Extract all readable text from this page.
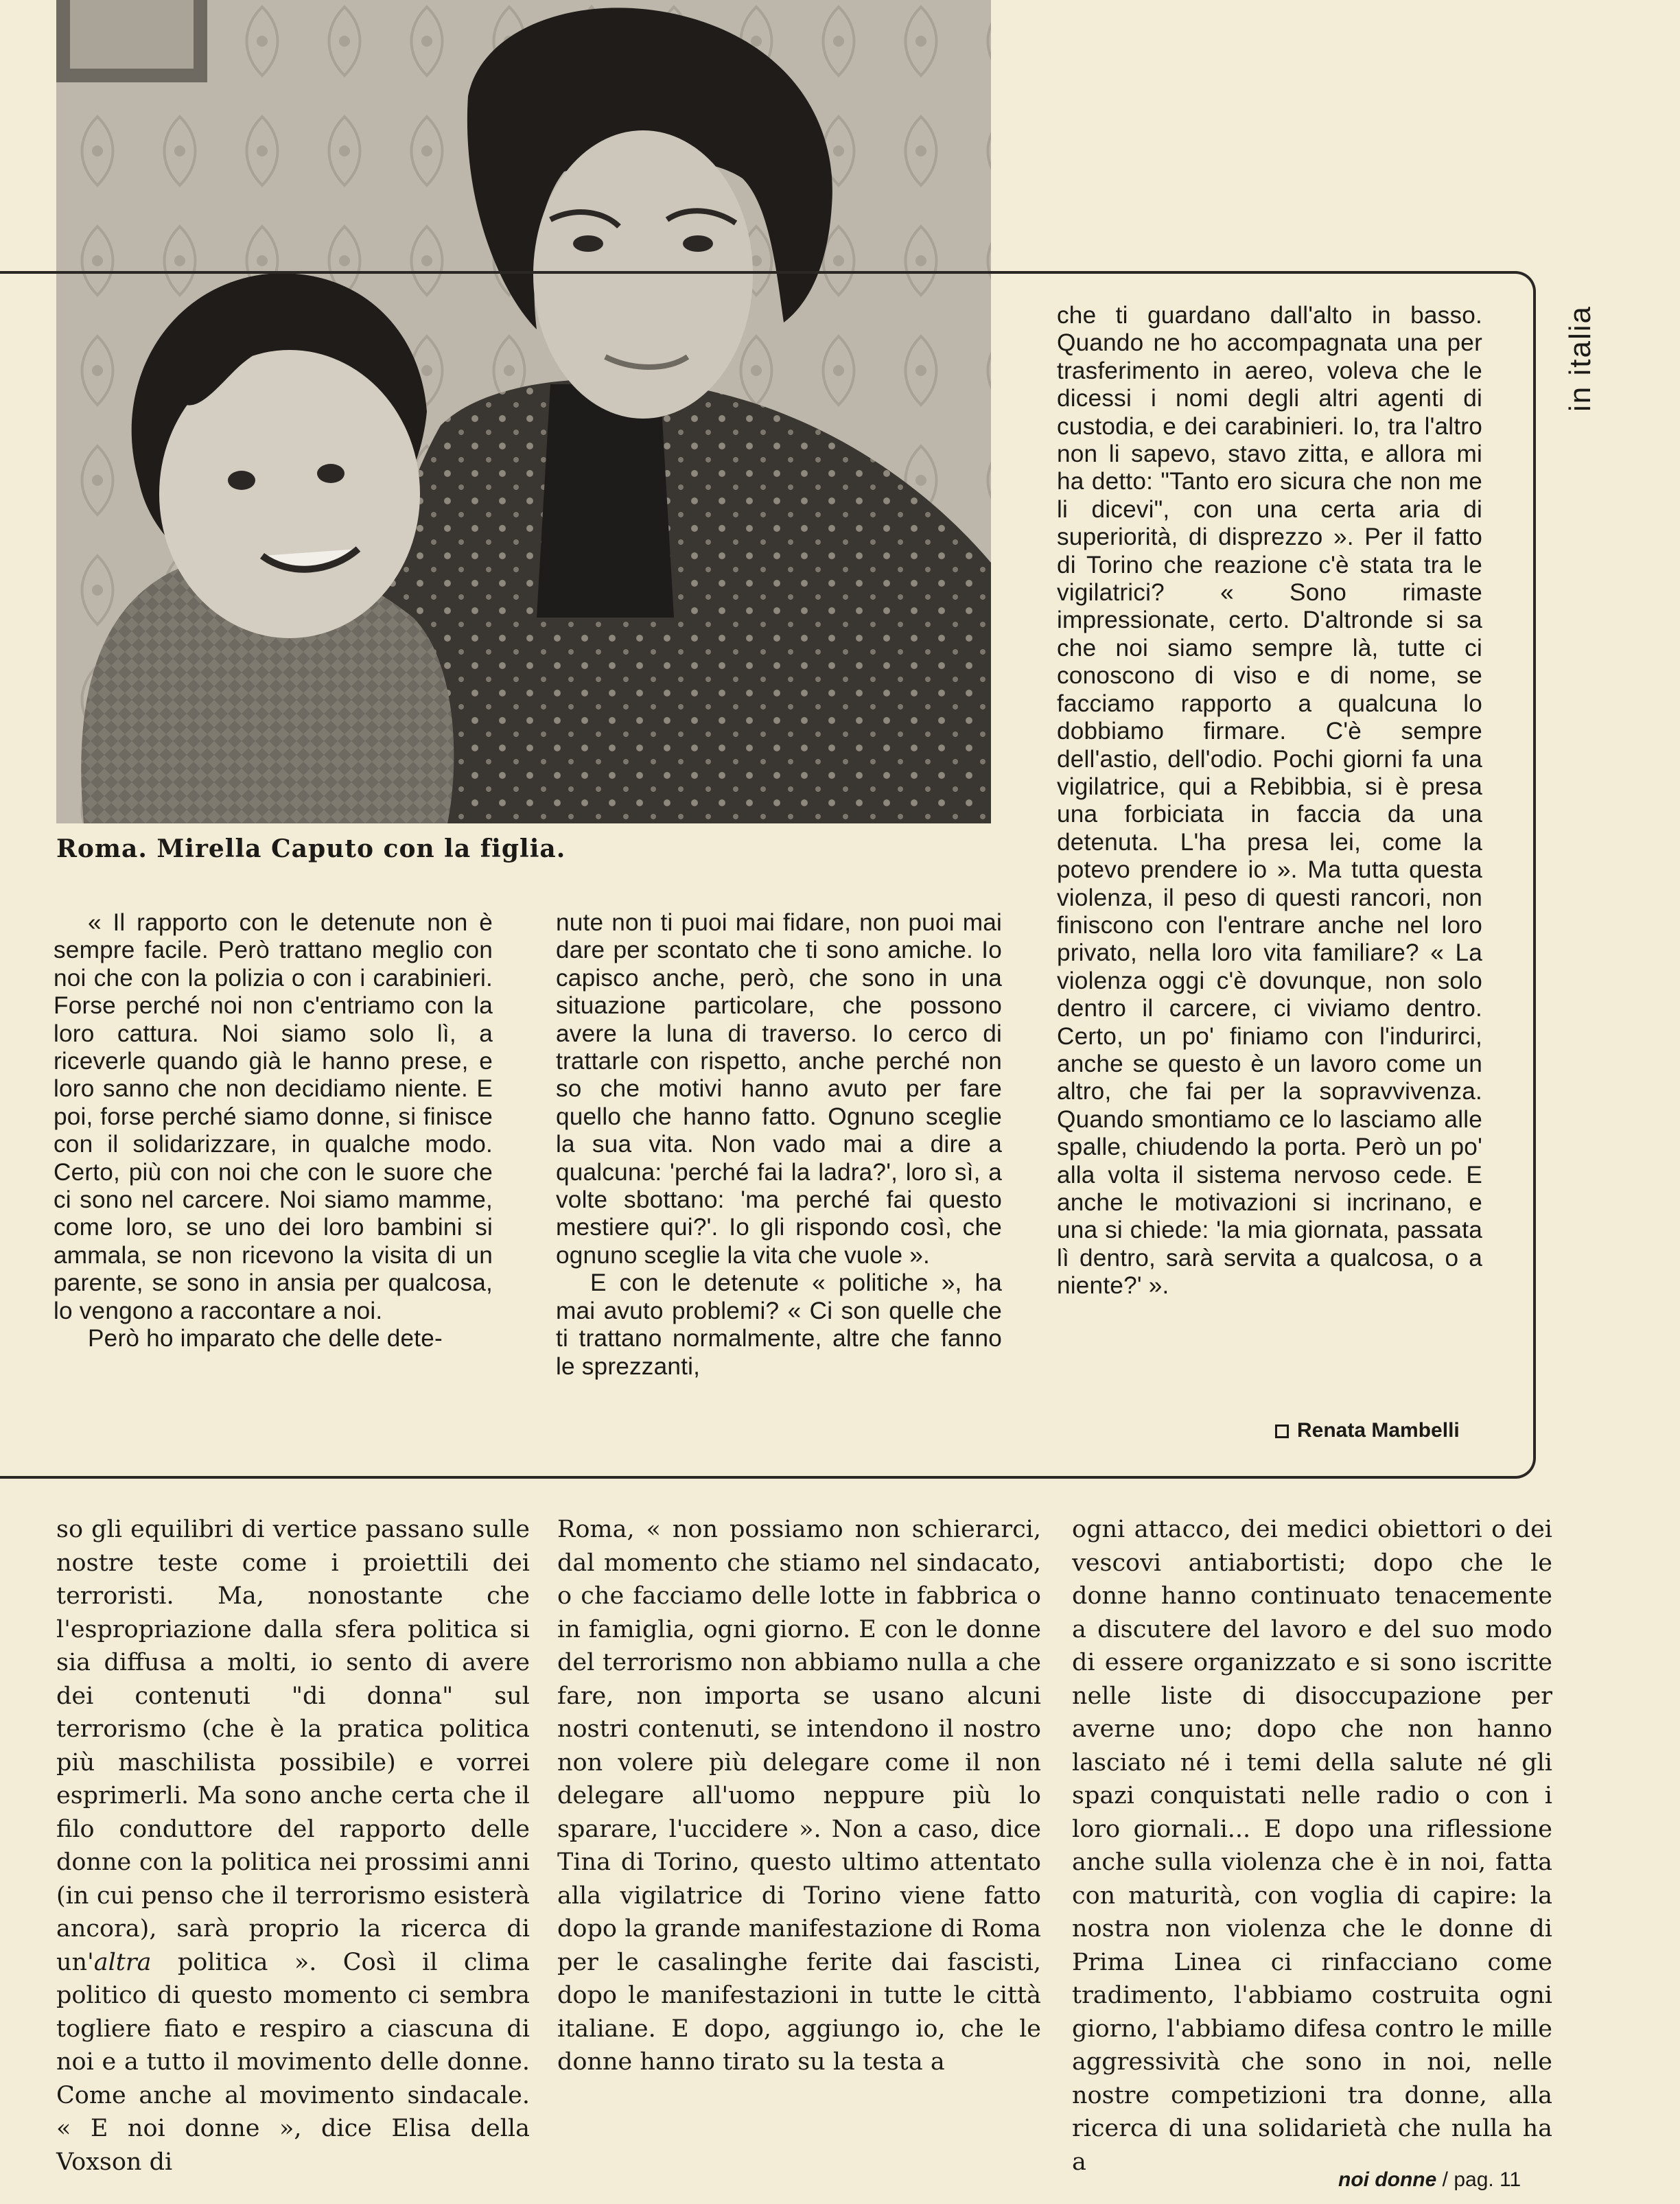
Roma. Mirella Caputo con la figlia.
in italia

« Il rapporto con le detenute non è sempre facile. Però trattano meglio con noi che con la polizia o con i carabinieri. Forse perché noi non c'entriamo con la loro cattura. Noi siamo solo lì, a riceverle quando già le hanno prese, e loro sanno che non decidiamo niente. E poi, forse perché siamo donne, si finisce con il solidarizzare, in qualche modo. Certo, più con noi che con le suore che ci sono nel carcere. Noi siamo mamme, come loro, se uno dei loro bambini si ammala, se non ricevono la visita di un parente, se sono in ansia per qualcosa, lo vengono a raccontare a noi.

Però ho imparato che delle dete-

nute non ti puoi mai fidare, non puoi mai dare per scontato che ti sono amiche. Io capisco anche, però, che sono in una situazione particolare, che possono avere la luna di traverso. Io cerco di trattarle con rispetto, anche perché non so che motivi hanno avuto per fare quello che hanno fatto. Ognuno sceglie la sua vita. Non vado mai a dire a qualcuna: 'perché fai la ladra?', loro sì, a volte sbottano: 'ma perché fai questo mestiere qui?'. Io gli rispondo così, che ognuno sceglie la vita che vuole ».

E con le detenute « politiche », ha mai avuto problemi? « Ci son quelle che ti trattano normalmente, altre che fanno le sprezzanti,

che ti guardano dall'alto in basso. Quando ne ho accompagnata una per trasferimento in aereo, voleva che le dicessi i nomi degli altri agenti di custodia, e dei carabinieri. Io, tra l'altro non li sapevo, stavo zitta, e allora mi ha detto: "Tanto ero sicura che non me li dicevi", con una certa aria di superiorità, di disprezzo ». Per il fatto di Torino che reazione c'è stata tra le vigilatrici? « Sono rimaste impressionate, certo. D'altronde si sa che noi siamo sempre là, tutte ci conoscono di viso e di nome, se facciamo rapporto a qualcuna lo dobbiamo firmare. C'è sempre dell'astio, dell'odio. Pochi giorni fa una vigilatrice, qui a Rebibbia, si è presa una forbiciata in faccia da una detenuta. L'ha presa lei, come la potevo prendere io ». Ma tutta questa violenza, il peso di questi rancori, non finiscono con l'entrare anche nel loro privato, nella loro vita familiare? « La violenza oggi c'è dovunque, non solo dentro il carcere, ci viviamo dentro. Certo, un po' finiamo con l'indurirci, anche se questo è un lavoro come un altro, che fai per la sopravvivenza. Quando smontiamo ce lo lasciamo alle spalle, chiudendo la porta. Però un po' alla volta il sistema nervoso cede. E anche le motivazioni si incrinano, e una si chiede: 'la mia giornata, passata lì dentro, sarà servita a qualcosa, o a niente?' ».

Renata Mambelli
so gli equilibri di vertice passano sulle nostre teste come i proiettili dei terroristi. Ma, nonostante che l'espropriazione dalla sfera politica si sia diffusa a molti, io sento di avere dei contenuti "di donna" sul terrorismo (che è la pratica politica più maschilista possibile) e vorrei esprimerli. Ma sono anche certa che il filo conduttore del rapporto delle donne con la politica nei prossimi anni (in cui penso che il terrorismo esisterà ancora), sarà proprio la ricerca di un'altra politica ». Così il clima politico di questo momento ci sembra togliere fiato e respiro a ciascuna di noi e a tutto il movimento delle donne. Come anche al movimento sindacale. « E noi donne », dice Elisa della Voxson di
Roma, « non possiamo non schierarci, dal momento che stiamo nel sindacato, o che facciamo delle lotte in fabbrica o in famiglia, ogni giorno. E con le donne del terrorismo non abbiamo nulla a che fare, non importa se usano alcuni nostri contenuti, se intendono il nostro non volere più delegare come il non delegare all'uomo neppure più lo sparare, l'uccidere ». Non a caso, dice Tina di Torino, questo ultimo attentato alla vigilatrice di Torino viene fatto dopo la grande manifestazione di Roma per le casalinghe ferite dai fascisti, dopo le manifestazioni in tutte le città italiane. E dopo, aggiungo io, che le donne hanno tirato su la testa a
ogni attacco, dei medici obiettori o dei vescovi antiabortisti; dopo che le donne hanno continuato tenacemente a discutere del lavoro e del suo modo di essere organizzato e si sono iscritte nelle liste di disoccupazione per averne uno; dopo che non hanno lasciato né i temi della salute né gli spazi conquistati nelle radio o con i loro giornali... E dopo una riflessione anche sulla violenza che è in noi, fatta con maturità, con voglia di capire: la nostra non violenza che le donne di Prima Linea ci rinfacciano come tradimento, l'abbiamo costruita ogni giorno, l'abbiamo difesa contro le mille aggressività che sono in noi, nelle nostre competizioni tra donne, alla ricerca di una solidarietà che nulla ha a
noi donne / pag. 11
